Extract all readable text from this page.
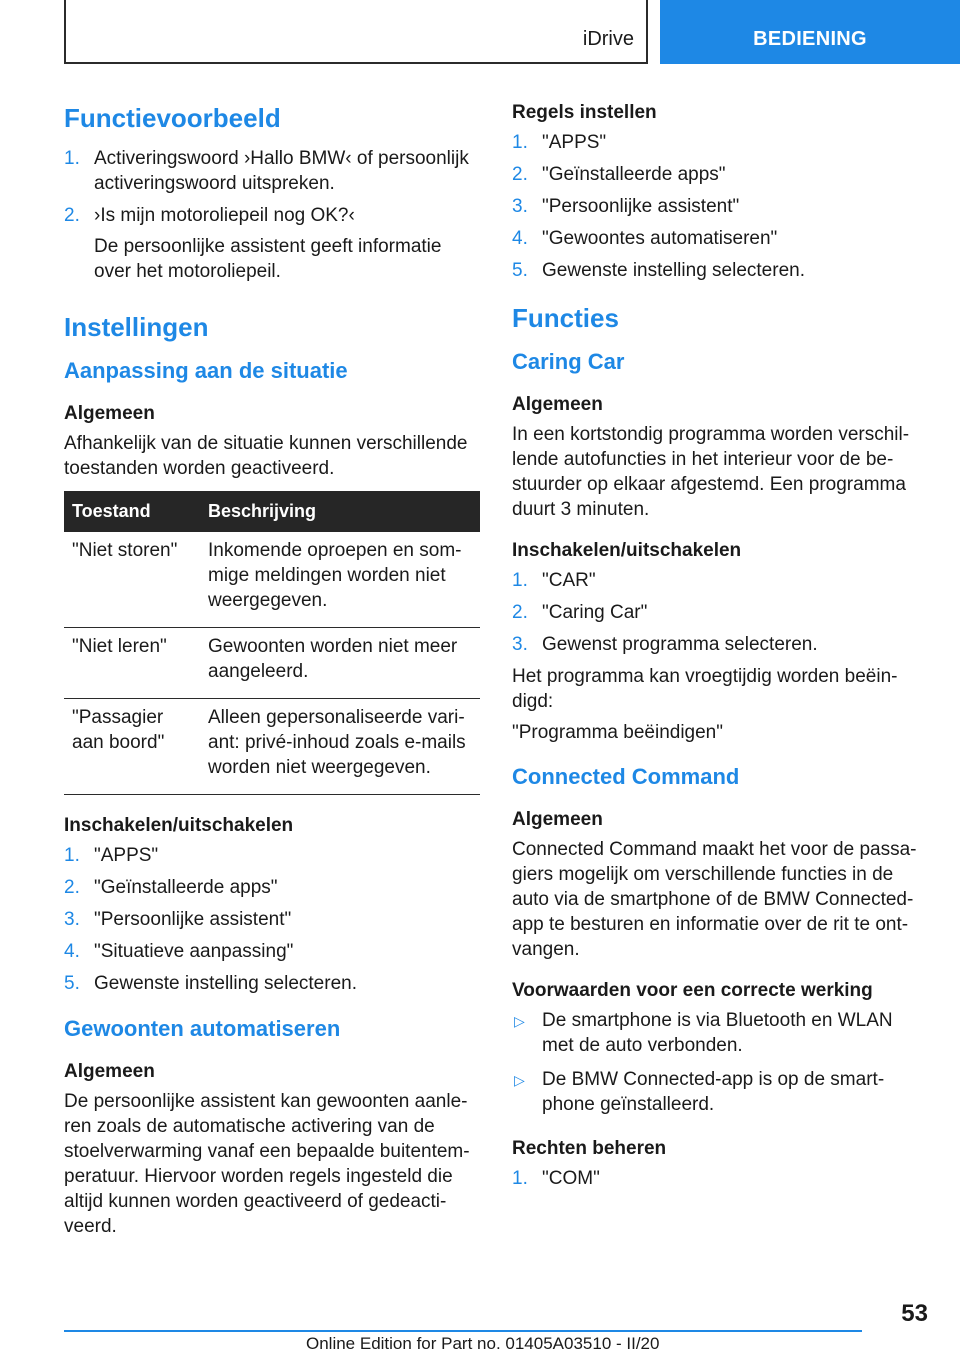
iDrive	BEDIENING
Functievoorbeeld
1. Activeringswoord ›Hallo BMW‹ of persoonlijk activeringswoord uitspreken.
2. ›Is mijn motoroliepeil nog OK?‹
De persoonlijke assistent geeft informatie over het motoroliepeil.
Instellingen
Aanpassing aan de situatie
Algemeen
Afhankelijk van de situatie kunnen verschillende toestanden worden geactiveerd.
Toestand	Beschrijving
"Niet storen"	Inkomende oproepen en sommige meldingen worden niet weergegeven.
"Niet leren"	Gewoonten worden niet meer aangeleerd.
"Passagier aan boord"	Alleen gepersonaliseerde variant: privé-inhoud zoals e-mails worden niet weergegeven.
Inschakelen/uitschakelen
1. "APPS"
2. "Geïnstalleerde apps"
3. "Persoonlijke assistent"
4. "Situatieve aanpassing"
5. Gewenste instelling selecteren.
Gewoonten automatiseren
Algemeen
De persoonlijke assistent kan gewoonten aanleren zoals de automatische activering van de stoelverwarming vanaf een bepaalde buitentemperatuur. Hiervoor worden regels ingesteld die altijd kunnen worden geactiveerd of gedeactiveerd.
Regels instellen
1. "APPS"
2. "Geïnstalleerde apps"
3. "Persoonlijke assistent"
4. "Gewoontes automatiseren"
5. Gewenste instelling selecteren.
Functies
Caring Car
Algemeen
In een kortstondig programma worden verschillende autofuncties in het interieur voor de bestuurder op elkaar afgestemd. Een programma duurt 3 minuten.
Inschakelen/uitschakelen
1. "CAR"
2. "Caring Car"
3. Gewenst programma selecteren.
Het programma kan vroegtijdig worden beëindigd:
"Programma beëindigen"
Connected Command
Algemeen
Connected Command maakt het voor de passagiers mogelijk om verschillende functies in de auto via de smartphone of de BMW Connected-app te besturen en informatie over de rit te ontvangen.
Voorwaarden voor een correcte werking
▷ De smartphone is via Bluetooth en WLAN met de auto verbonden.
▷ De BMW Connected-app is op de smartphone geïnstalleerd.
Rechten beheren
1. "COM"
53
Online Edition for Part no. 01405A03510 - II/20
